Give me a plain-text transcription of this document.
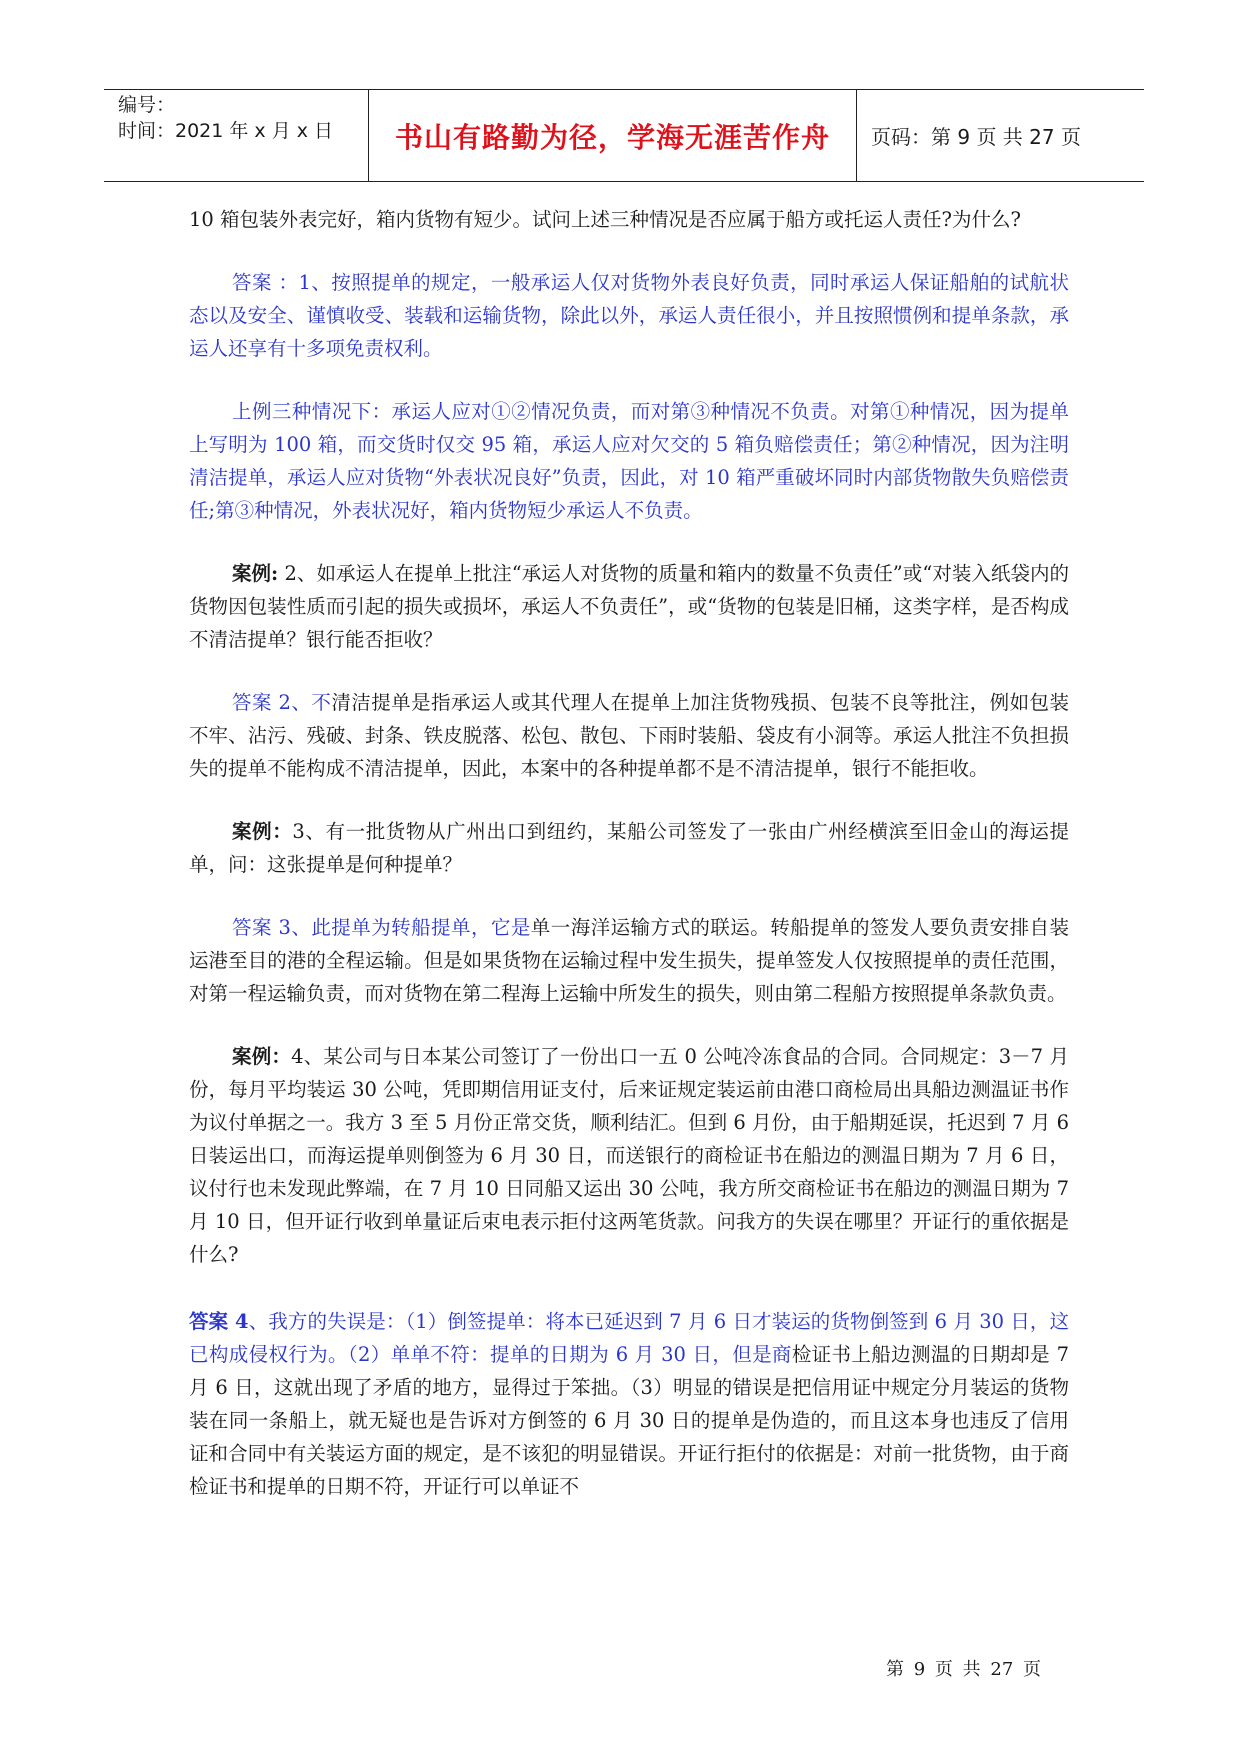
编号：
时间：2021 年 x 月 x 日	书山有路勤为径，学海无涯苦作舟	页码：第 9 页 共 27 页

10 箱包装外表完好，箱内货物有短少。试问上述三种情况是否应属于船方或托运人责任?为什么?

答案 ：1、按照提单的规定，一般承运人仅对货物外表良好负责，同时承运人保证船舶的试航状态以及安全、谨慎收受、装载和运输货物，除此以外，承运人责任很小，并且按照惯例和提单条款，承运人还享有十多项免责权利。

上例三种情况下：承运人应对①②情况负责，而对第③种情况不负责。对第①种情况，因为提单上写明为 100 箱，而交货时仅交 95 箱，承运人应对欠交的 5 箱负赔偿责任；第②种情况，因为注明清洁提单，承运人应对货物“外表状况良好”负责，因此，对 10 箱严重破坏同时内部货物散失负赔偿责任;第③种情况，外表状况好，箱内货物短少承运人不负责。

案例: 2、如承运人在提单上批注“承运人对货物的质量和箱内的数量不负责任”或“对装入纸袋内的货物因包装性质而引起的损失或损坏，承运人不负责任”，或“货物的包装是旧桶，这类字样，是否构成不清洁提单？银行能否拒收？

答案 2、不清洁提单是指承运人或其代理人在提单上加注货物残损、包装不良等批注，例如包装不牢、沾污、残破、封条、铁皮脱落、松包、散包、下雨时装船、袋皮有小洞等。承运人批注不负担损失的提单不能构成不清洁提单，因此，本案中的各种提单都不是不清洁提单，银行不能拒收。

案例：3、有一批货物从广州出口到纽约，某船公司签发了一张由广州经横滨至旧金山的海运提单，问：这张提单是何种提单？

答案 3、此提单为转船提单，它是单一海洋运输方式的联运。转船提单的签发人要负责安排自装运港至目的港的全程运输。但是如果货物在运输过程中发生损失，提单签发人仅按照提单的责任范围，对第一程运输负责，而对货物在第二程海上运输中所发生的损失，则由第二程船方按照提单条款负责。

案例：4、某公司与日本某公司签订了一份出口一五 0 公吨冷冻食品的合同。合同规定：3－7 月份，每月平均装运 30 公吨，凭即期信用证支付，后来证规定装运前由港口商检局出具船边测温证书作为议付单据之一。我方 3 至 5 月份正常交货，顺利结汇。但到 6 月份，由于船期延误，托迟到 7 月 6 日装运出口，而海运提单则倒签为 6 月 30 日，而送银行的商检证书在船边的测温日期为 7 月 6 日，议付行也未发现此弊端，在 7 月 10 日同船又运出 30 公吨，我方所交商检证书在船边的测温日期为 7 月 10 日，但开证行收到单量证后束电表示拒付这两笔货款。问我方的失误在哪里？开证行的重依据是什么?

答案 4、我方的失误是：（1）倒签提单：将本已延迟到 7 月 6 日才装运的货物倒签到 6 月 30 日，这已构成侵权行为。（2）单单不符：提单的日期为 6 月 30 日，但是商检证书上船边测温的日期却是 7 月 6 日，这就出现了矛盾的地方，显得过于笨拙。（3）明显的错误是把信用证中规定分月装运的货物装在同一条船上，就无疑也是告诉对方倒签的 6 月 30 日的提单是伪造的，而且这本身也违反了信用证和合同中有关装运方面的规定，是不该犯的明显错误。开证行拒付的依据是：对前一批货物，由于商检证书和提单的日期不符，开证行可以单证不

第 9 页 共 27 页
